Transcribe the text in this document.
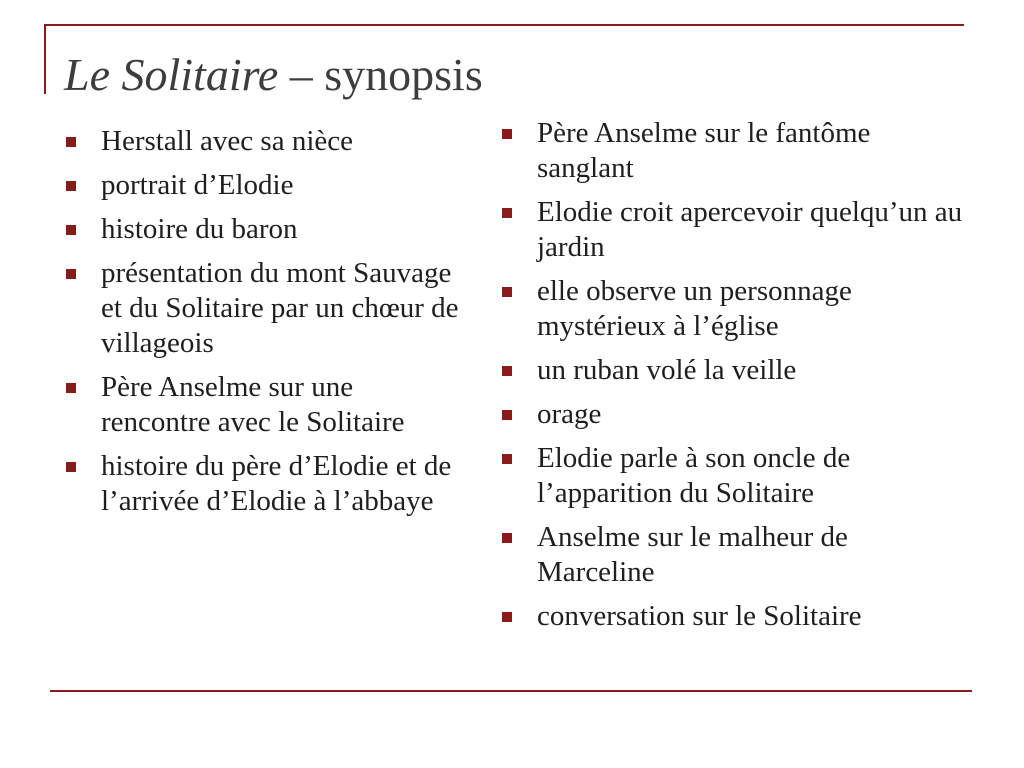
Le Solitaire – synopsis
Herstall avec sa nièce
portrait d’Elodie
histoire du baron
présentation du mont Sauvage et du Solitaire par un chœur de villageois
Père Anselme sur une rencontre avec le Solitaire
histoire du père d’Elodie et de l’arrivée d’Elodie à l’abbaye
Père Anselme sur le fantôme sanglant
Elodie croit apercevoir quelqu’un au jardin
elle observe un personnage mystérieux à l’église
un ruban volé la veille
orage
Elodie parle à son oncle de l’apparition du Solitaire
Anselme sur le malheur de Marceline
conversation sur le Solitaire
